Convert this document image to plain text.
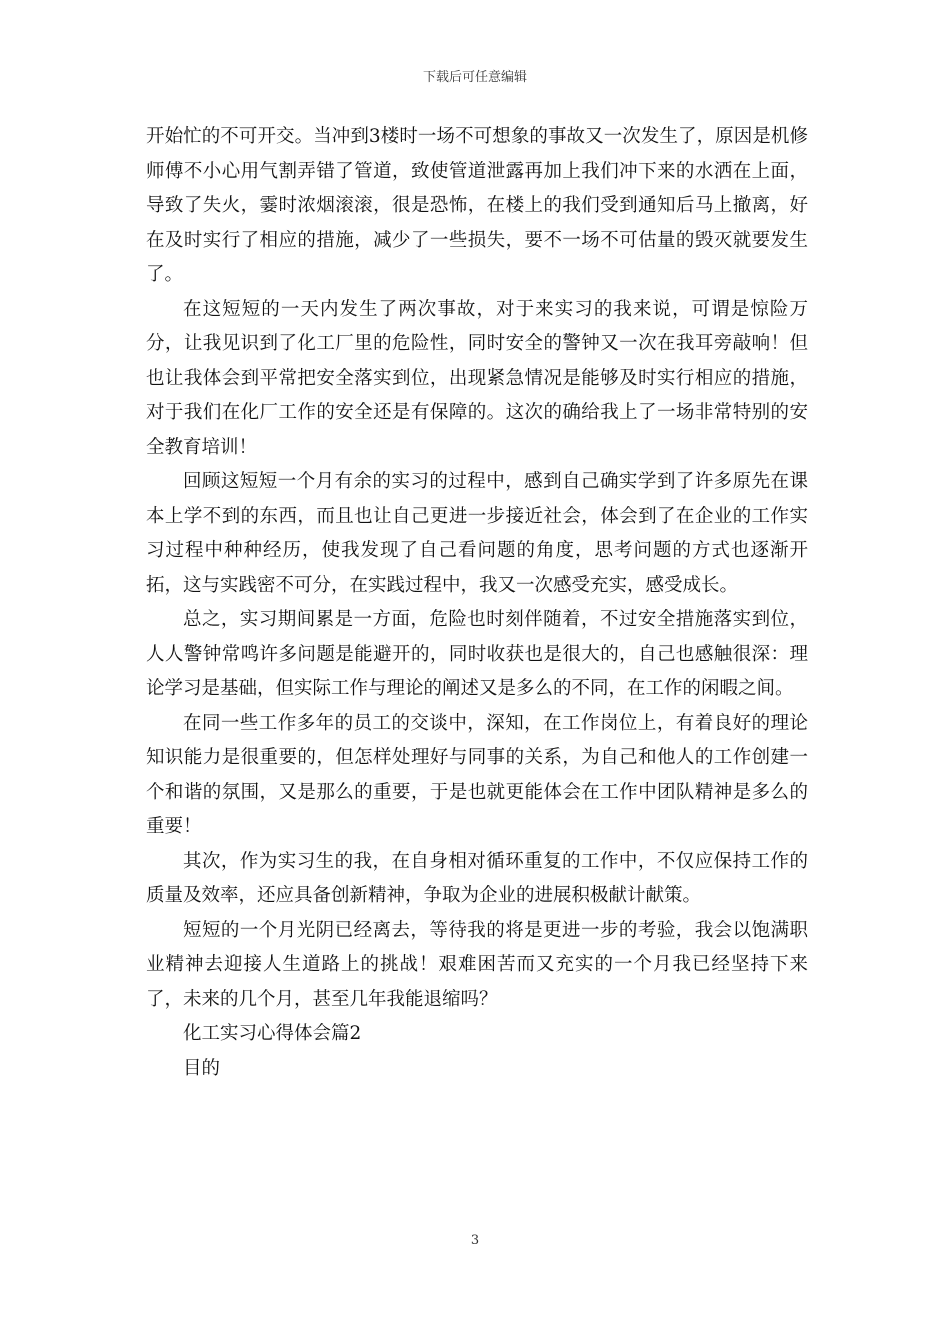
下载后可任意编辑

开始忙的不可开交。当冲到3楼时一场不可想象的事故又一次发生了，原因是机修师傅不小心用气割弄错了管道，致使管道泄露再加上我们冲下来的水洒在上面，导致了失火，霎时浓烟滚滚，很是恐怖，在楼上的我们受到通知后马上撤离，好在及时实行了相应的措施，减少了一些损失，要不一场不可估量的毁灭就要发生了。

在这短短的一天内发生了两次事故，对于来实习的我来说，可谓是惊险万分，让我见识到了化工厂里的危险性，同时安全的警钟又一次在我耳旁敲响！但也让我体会到平常把安全落实到位，出现紧急情况是能够及时实行相应的措施，对于我们在化厂工作的安全还是有保障的。这次的确给我上了一场非常特别的安全教育培训！

回顾这短短一个月有余的实习的过程中，感到自己确实学到了许多原先在课本上学不到的东西，而且也让自己更进一步接近社会，体会到了在企业的工作实习过程中种种经历，使我发现了自己看问题的角度，思考问题的方式也逐渐开拓，这与实践密不可分，在实践过程中，我又一次感受充实，感受成长。

总之，实习期间累是一方面，危险也时刻伴随着，不过安全措施落实到位，人人警钟常鸣许多问题是能避开的，同时收获也是很大的，自己也感触很深：理论学习是基础，但实际工作与理论的阐述又是多么的不同，在工作的闲暇之间。

在同一些工作多年的员工的交谈中，深知，在工作岗位上，有着良好的理论知识能力是很重要的，但怎样处理好与同事的关系，为自己和他人的工作创建一个和谐的氛围，又是那么的重要，于是也就更能体会在工作中团队精神是多么的重要！

其次，作为实习生的我，在自身相对循环重复的工作中，不仅应保持工作的质量及效率，还应具备创新精神，争取为企业的进展积极献计献策。

短短的一个月光阴已经离去，等待我的将是更进一步的考验，我会以饱满职业精神去迎接人生道路上的挑战！艰难困苦而又充实的一个月我已经坚持下来了，未来的几个月，甚至几年我能退缩吗？

化工实习心得体会篇2

目的

3
